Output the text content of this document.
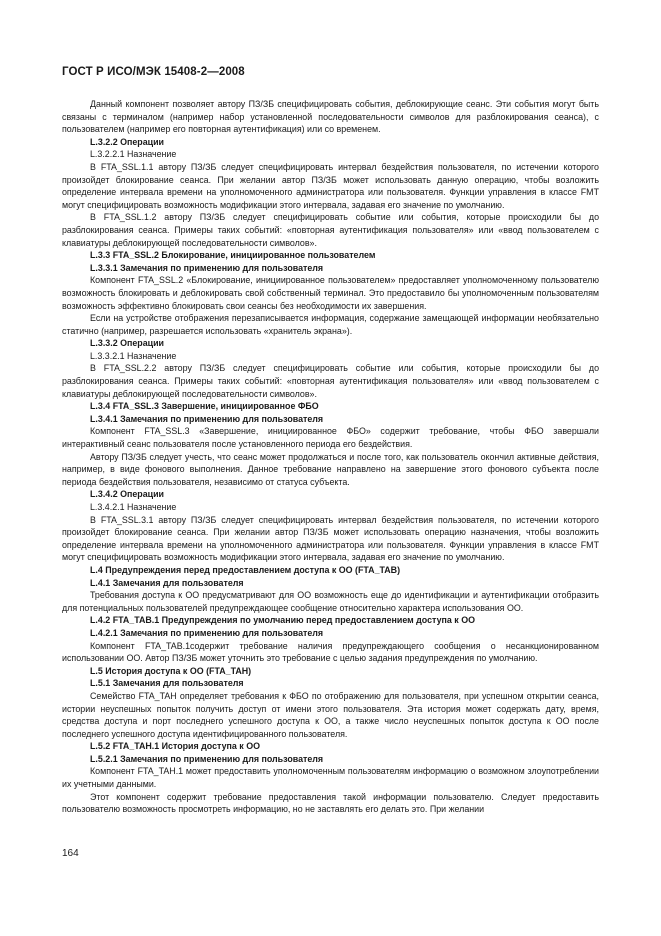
ГОСТ Р ИСО/МЭК 15408-2—2008

Данный компонент позволяет автору ПЗ/ЗБ специфицировать события, деблокирующие сеанс. Эти события могут быть связаны с терминалом (например набор установленной последовательности символов для разблокирования сеанса), с пользователем (например его повторная аутентификация) или со временем.

L.3.2.2 Операции

L.3.2.2.1 Назначение

В FTA_SSL.1.1 автору ПЗ/ЗБ следует специфицировать интервал бездействия пользователя, по истечении которого произойдет блокирование сеанса. При желании автор ПЗ/ЗБ может использовать данную операцию, чтобы возложить определение интервала времени на уполномоченного администратора или пользователя. Функции управления в классе FMT могут специфицировать возможность модификации этого интервала, задавая его значение по умолчанию.

В FTA_SSL.1.2 автору ПЗ/ЗБ следует специфицировать событие или события, которые происходили бы до разблокирования сеанса. Примеры таких событий: «повторная аутентификация пользователя» или «ввод пользователем с клавиатуры деблокирующей последовательности символов».

L.3.3 FTA_SSL.2 Блокирование, инициированное пользователем

L.3.3.1 Замечания по применению для пользователя

Компонент FTA_SSL.2 «Блокирование, инициированное пользователем» предоставляет уполномоченному пользователю возможность блокировать и деблокировать свой собственный терминал. Это предоставило бы уполномоченным пользователям возможность эффективно блокировать свои сеансы без необходимости их завершения.

Если на устройстве отображения перезаписывается информация, содержание замещающей информации необязательно статично (например, разрешается использовать «хранитель экрана»).

L.3.3.2 Операции

L.3.3.2.1 Назначение

В FTA_SSL.2.2 автору ПЗ/ЗБ следует специфицировать событие или события, которые происходили бы до разблокирования сеанса. Примеры таких событий: «повторная аутентификация пользователя» или «ввод пользователем с клавиатуры деблокирующей последовательности символов».

L.3.4 FTA_SSL.3 Завершение, инициированное ФБО

L.3.4.1 Замечания по применению для пользователя

Компонент FTA_SSL.3 «Завершение, инициированное ФБО» содержит требование, чтобы ФБО завершали интерактивный сеанс пользователя после установленного периода его бездействия.

Автору ПЗ/ЗБ следует учесть, что сеанс может продолжаться и после того, как пользователь окончил активные действия, например, в виде фонового выполнения. Данное требование направлено на завершение этого фонового субъекта после периода бездействия пользователя, независимо от статуса субъекта.

L.3.4.2 Операции

L.3.4.2.1 Назначение

В FTA_SSL.3.1 автору ПЗ/ЗБ следует специфицировать интервал бездействия пользователя, по истечении которого произойдет блокирование сеанса. При желании автор ПЗ/ЗБ может использовать операцию назначения, чтобы возложить определение интервала времени на уполномоченного администратора или пользователя. Функции управления в классе FMT могут специфицировать возможность модификации этого интервала, задавая его значение по умолчанию.

L.4 Предупреждения перед предоставлением доступа к ОО (FTA_TAB)

L.4.1 Замечания для пользователя

Требования доступа к ОО предусматривают для ОО возможность еще до идентификации и аутентификации отобразить для потенциальных пользователей предупреждающее сообщение относительно характера использования ОО.

L.4.2 FTA_TAB.1 Предупреждения по умолчанию перед предоставлением доступа к ОО

L.4.2.1 Замечания по применению для пользователя

Компонент FTA_TAB.1содержит требование наличия предупреждающего сообщения о несанкционированном использовании ОО. Автор ПЗ/ЗБ может уточнить это требование с целью задания предупреждения по умолчанию.

L.5 История доступа к ОО (FTA_TAH)

L.5.1 Замечания для пользователя

Семейство FTA_TAH определяет требования к ФБО по отображению для пользователя, при успешном открытии сеанса, истории неуспешных попыток получить доступ от имени этого пользователя. Эта история может содержать дату, время, средства доступа и порт последнего успешного доступа к ОО, а также число неуспешных попыток доступа к ОО после последнего успешного доступа идентифицированного пользователя.

L.5.2 FTA_TAH.1 История доступа к ОО

L.5.2.1 Замечания по применению для пользователя

Компонент FTA_TAH.1 может предоставить уполномоченным пользователям информацию о возможном злоупотреблении их учетными данными.

Этот компонент содержит требование предоставления такой информации пользователю. Следует предоставить пользователю возможность просмотреть информацию, но не заставлять его делать это. При желании

164
